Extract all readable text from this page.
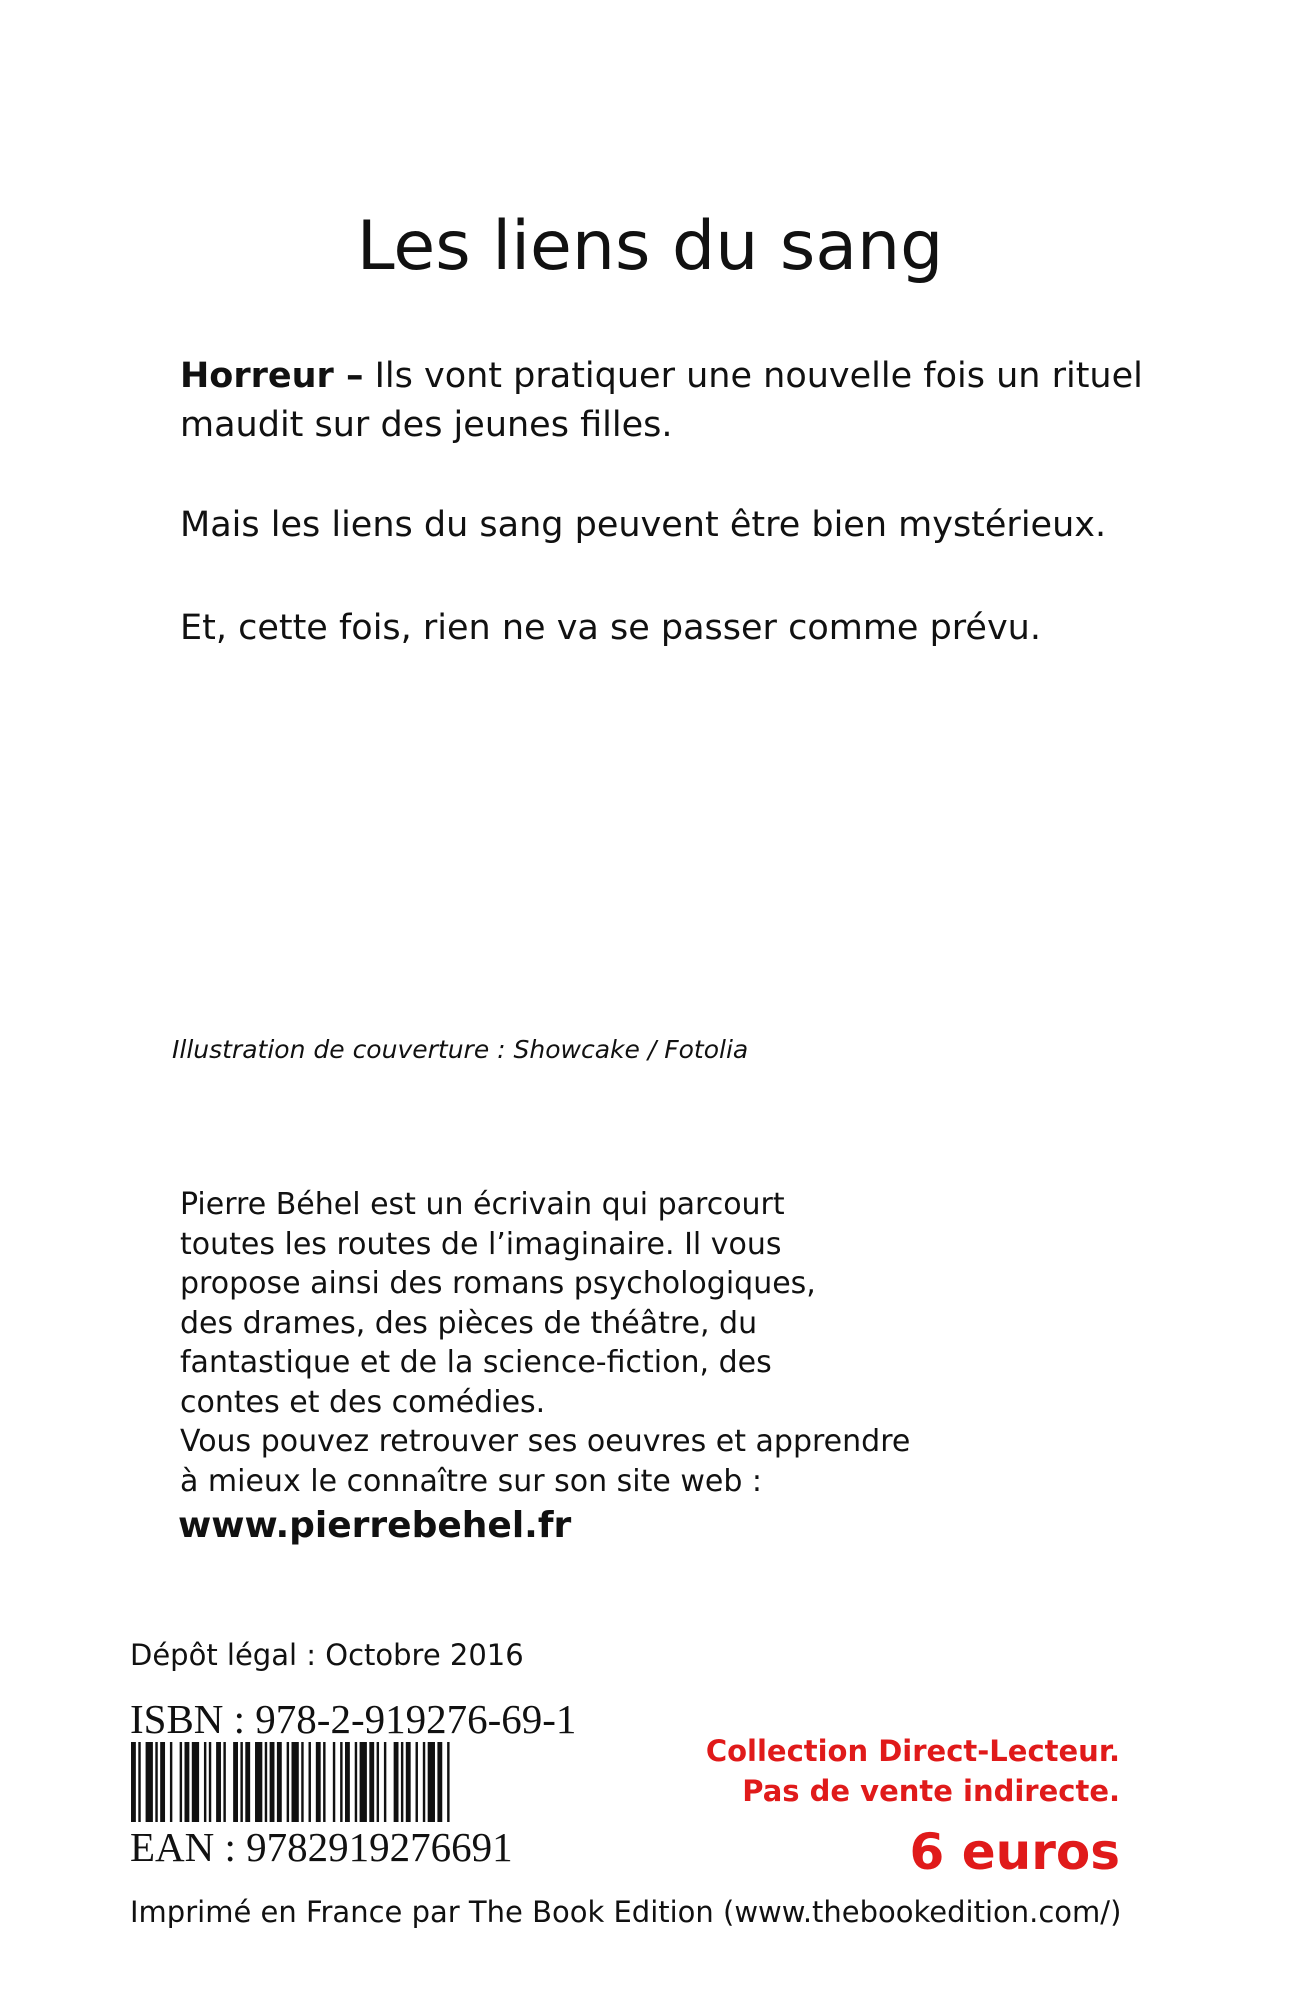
Les liens du sang
Horreur – Ils vont pratiquer une nouvelle fois un rituel maudit sur des jeunes filles.
Mais les liens du sang peuvent être bien mystérieux.
Et, cette fois, rien ne va se passer comme prévu.
Illustration de couverture : Showcake / Fotolia
Pierre Béhel est un écrivain qui parcourt
toutes les routes de l’imaginaire. Il vous
propose ainsi des romans psychologiques,
des drames, des pièces de théâtre, du
fantastique et de la science-fiction, des
contes et des comédies.
Vous pouvez retrouver ses oeuvres et apprendre
à mieux le connaître sur son site web :
www.pierrebehel.fr
Dépôt légal : Octobre 2016
ISBN : 978-2-919276-69-1
EAN : 9782919276691
Collection Direct-Lecteur.
Pas de vente indirecte.
6 euros
Imprimé en France par The Book Edition (www.thebookedition.com/)
